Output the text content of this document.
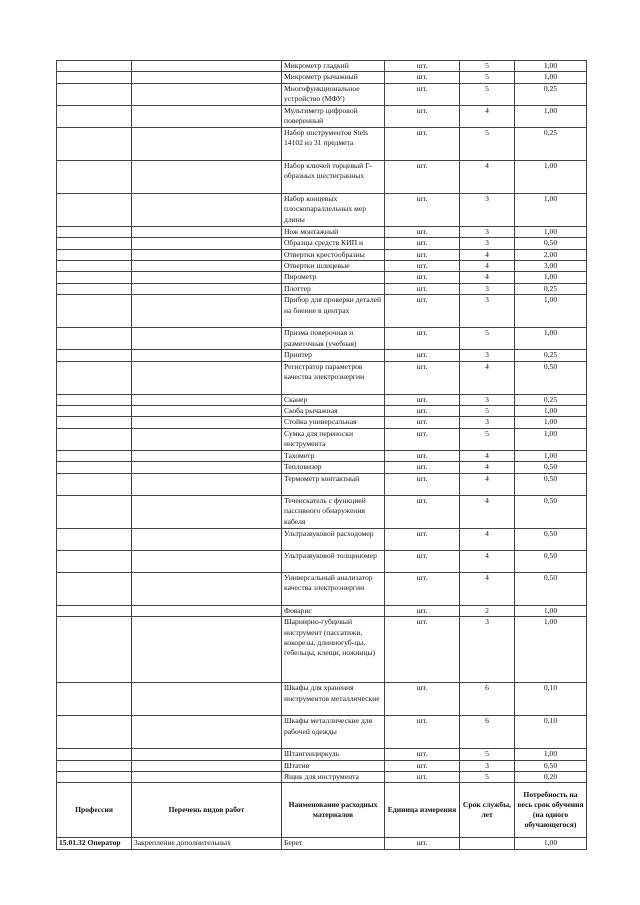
		Микрометр гладкий	шт.	5	1,00
		Микрометр рычажный	шт.	5	1,00
		Многофункциональное устройство (МФУ)	шт.	5	0,25
		Мультиметр цифровой поверенный	шт.	4	1,00
		Набор инструментов Stels 14102 из 31 предмета	шт.	5	0,25
		Набор ключей торцевый Г-образных шестигранных	шт.	4	1,00
		Набор концевых плоскопараллельных мер длины	шт.	3	1,00
		Нож монтажный	шт.	3	1,00
		Образцы средств КИП и	шт.	3	0,50
		Отвертки крестообразны	шт.	4	2,00
		Отвертки шлицевые	шт.	4	3,00
		Пирометр	шт.	4	1,00
		Плоттер	шт.	3	0,25
		Прибор для проверки деталей на биение в центрах	шт.	3	1,00
		Призма поверочная и разметочная (учебная)	шт.	5	1,00
		Принтер	шт.	3	0,25
		Регистратор параметров качества электроэнергии	шт.	4	0,50
		Сканер	шт.	3	0,25
		Скоба рычажная	шт.	5	1,00
		Стойка универсальная	шт.	3	1,00
		Сумка для переноски инструмента	шт.	5	1,00
		Тахометр	шт.	4	1,00
		Тепловизор	шт.	4	0,50
		Термометр контактный	шт.	4	0,50
		Течеискатель с функцией пассивного обнаружения кабеля	шт.	4	0,50
		Ультразвуковой расходомер	шт.	4	0,50
		Ультразвуковой толщиномер	шт.	4	0,50
		Универсальный анализатор качества электроэнергии	шт.	4	0,50
		Фоварис	шт.	2	1,00
		Шарнирно-губцевый инструмент (пассатижи, кокорезы, длинногуб-цы, гебельцы, клещи, ножницы)	шт.	3	1,00
		Шкафы для хранения инструментов металлические	шт.	6	0,10
		Шкафы металлические для рабочей одежды	шт.	6	0,10
		Штангенциркуль	шт.	5	1,00
		Штатив	шт.	3	0,50
		Ящик для инструмента	шт.	5	0,20
Профессия	Перечень видов работ	Наименование расходных материалов	Единица измерения	Срок службы, лет	Потребность на весь срок обучения (на одного обучающегося)
15.01.32 Оператор	Закрепление дополнительных	Берет	шт.		1,00
